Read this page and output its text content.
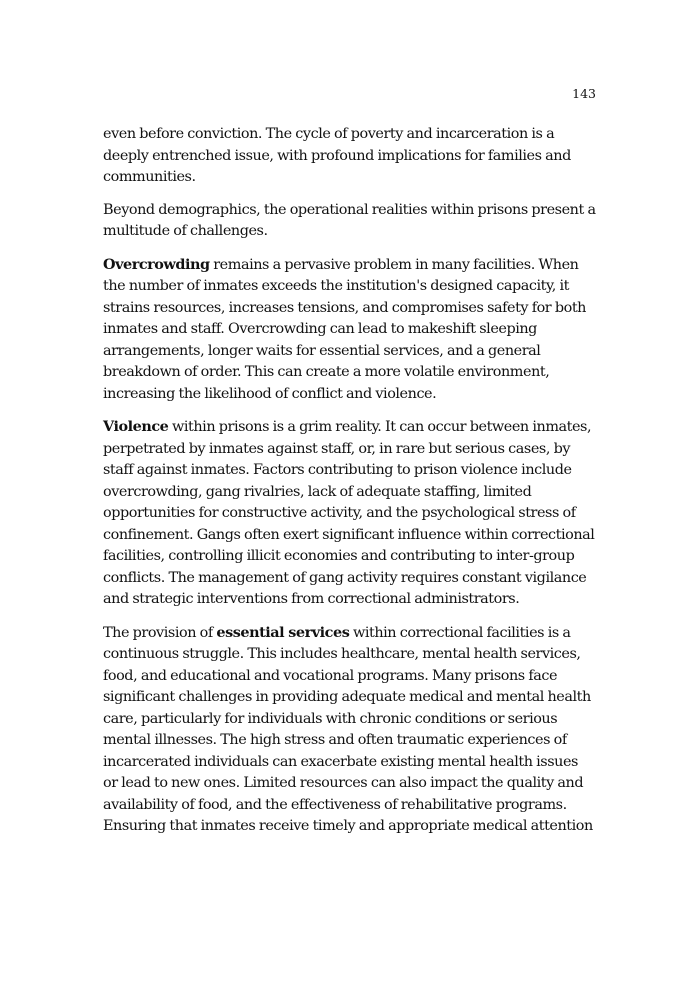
143

even before conviction. The cycle of poverty and incarceration is a deeply entrenched issue, with profound implications for families and communities.

Beyond demographics, the operational realities within prisons present a multitude of challenges.

Overcrowding remains a pervasive problem in many facilities. When the number of inmates exceeds the institution's designed capacity, it strains resources, increases tensions, and compromises safety for both inmates and staff. Overcrowding can lead to makeshift sleeping arrangements, longer waits for essential services, and a general breakdown of order. This can create a more volatile environment, increasing the likelihood of conflict and violence.

Violence within prisons is a grim reality. It can occur between inmates, perpetrated by inmates against staff, or, in rare but serious cases, by staff against inmates. Factors contributing to prison violence include overcrowding, gang rivalries, lack of adequate staffing, limited opportunities for constructive activity, and the psychological stress of confinement. Gangs often exert significant influence within correctional facilities, controlling illicit economies and contributing to inter-group conflicts. The management of gang activity requires constant vigilance and strategic interventions from correctional administrators.

The provision of essential services within correctional facilities is a continuous struggle. This includes healthcare, mental health services, food, and educational and vocational programs. Many prisons face significant challenges in providing adequate medical and mental health care, particularly for individuals with chronic conditions or serious mental illnesses. The high stress and often traumatic experiences of incarcerated individuals can exacerbate existing mental health issues or lead to new ones. Limited resources can also impact the quality and availability of food, and the effectiveness of rehabilitative programs. Ensuring that inmates receive timely and appropriate medical attention
